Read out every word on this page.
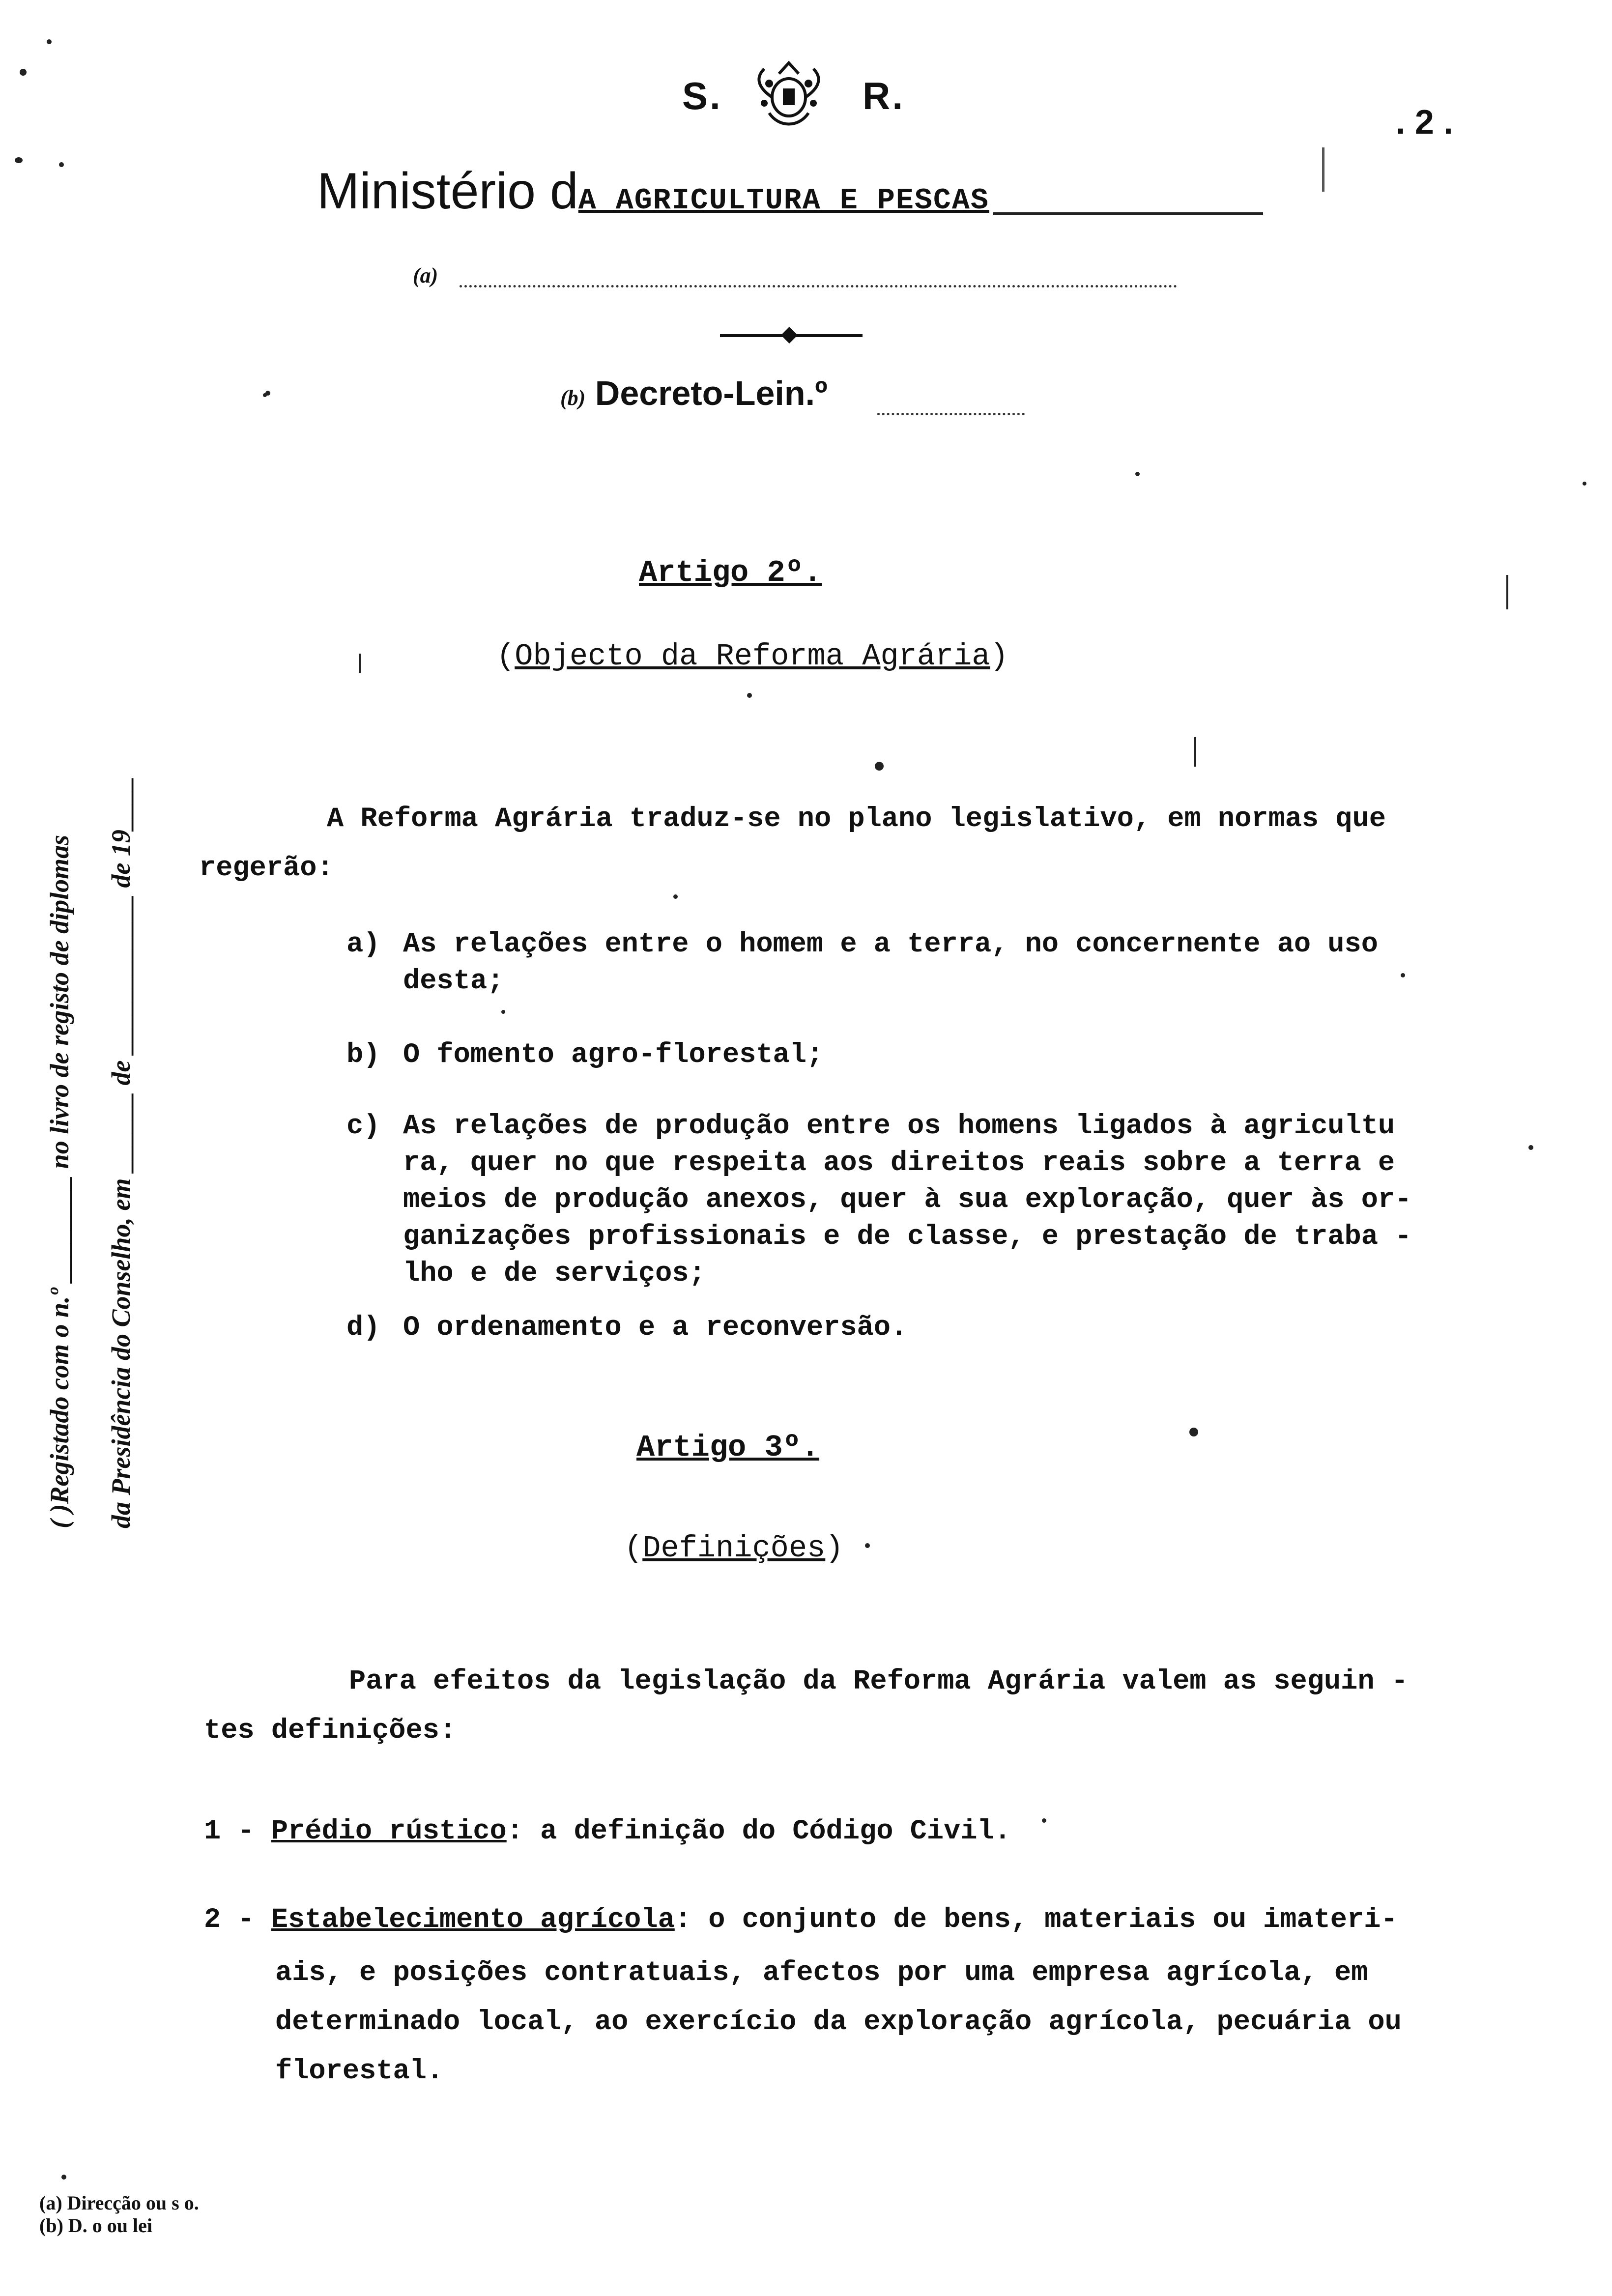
S.	R.
. 2 .
Ministério dA AGRICULTURA E PESCAS
(a)
(b) Decreto-Lein.º
Artigo 2º.
(Objecto da Reforma Agrária)
A Reforma Agrária traduz-se no plano legislativo, em normas que
regerão:
a) As relações entre o homem e a terra, no concernente ao uso
desta;
b) O fomento agro-florestal;
c) As relações de produção entre os homens ligados à agricultu
ra, quer no que respeita aos direitos reais sobre a terra e
meios de produção anexos, quer à sua exploração, quer às or-
ganizações profissionais e de classe, e prestação de traba -
lho e de serviços;
d) O ordenamento e a reconversão.
Artigo 3º.
(Definições)
Para efeitos da legislação da Reforma Agrária valem as seguin -
tes definições:
1 - Prédio rústico: a definição do Código Civil.
2 - Estabelecimento agrícola: o conjunto de bens, materiais ou imateri-
ais, e posições contratuais, afectos por uma empresa agrícola, em
determinado local, ao exercício da exploração agrícola, pecuária ou
florestal.
( )Registado com o n.º ________ no livro de registo de diplomas da Presidência do Conselho, em ______ de ____________ de 19____
(a) Direcção ou s o.
(b) D. o ou lei
